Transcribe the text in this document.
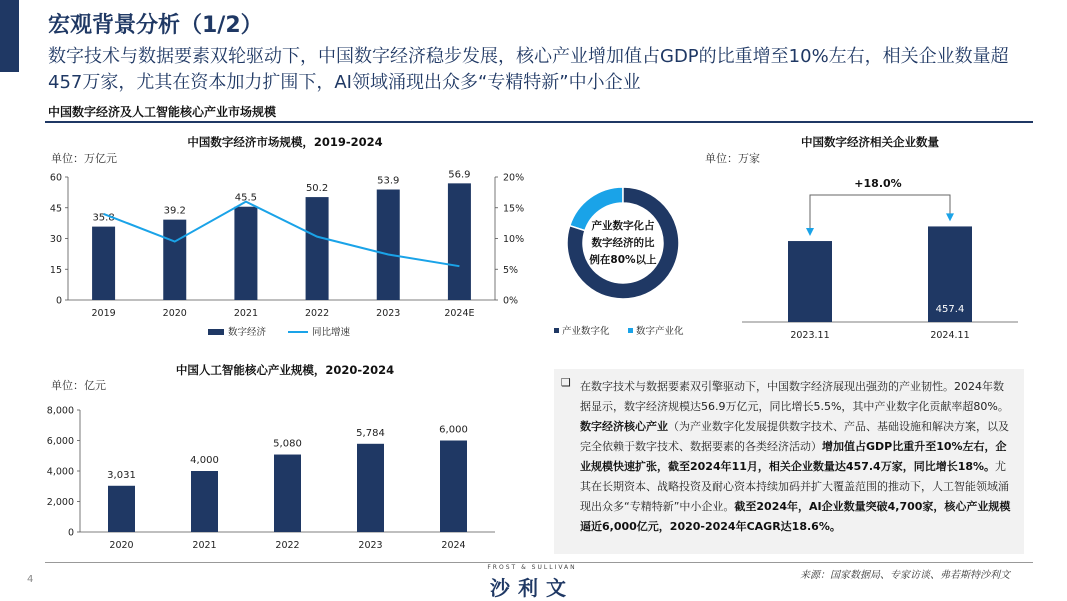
宏观背景分析（1/2）
数字技术与数据要素双轮驱动下，中国数字经济稳步发展，核心产业增加值占GDP的比重增至10%左右，相关企业数量超457万家，尤其在资本加力扩围下，AI领域涌现出众多“专精特新”中小企业
中国数字经济及人工智能核心产业市场规模
中国数字经济市场规模，2019-2024
单位：万亿元
0
15
30
45
60
0%
5%
10%
15%
20%
35.8
2019
39.2
2020
45.5
2021
50.2
2022
53.9
2023
56.9
2024E
数字经济	同比增速
产业数字化占
数字经济的比
例在80%以上
产业数字化	数字产业化
中国数字经济相关企业数量
单位：万家
2023.11	2024.11
457.4
+18.0%
中国人工智能核心产业规模，2020-2024
单位：亿元
0
2,000
4,000
6,000
8,000
3,031
2020
4,000
2021
5,080
2022
5,784
2023
6,000
2024
在数字技术与数据要素双引擎驱动下，中国数字经济展现出强劲的产业韧性。2024年数据显示，数字经济规模达56.9万亿元，同比增长5.5%，其中产业数字化贡献率超80%。数字经济核心产业（为产业数字化发展提供数字技术、产品、基础设施和解决方案，以及完全依赖于数字技术、数据要素的各类经济活动）增加值占GDP比重升至10%左右，企业规模快速扩张，截至2024年11月，相关企业数量达457.4万家，同比增长18%。尤其在长期资本、战略投资及耐心资本持续加码并扩大覆盖范围的推动下，人工智能领域涌现出众多“专精特新”中小企业。截至2024年，AI企业数量突破4,700家，核心产业规模逼近6,000亿元，2020-2024年CAGR达18.6%。
❑
4
FROST & SULLIVAN
沙利文
来源：国家数据局、专家访谈、弗若斯特沙利文
